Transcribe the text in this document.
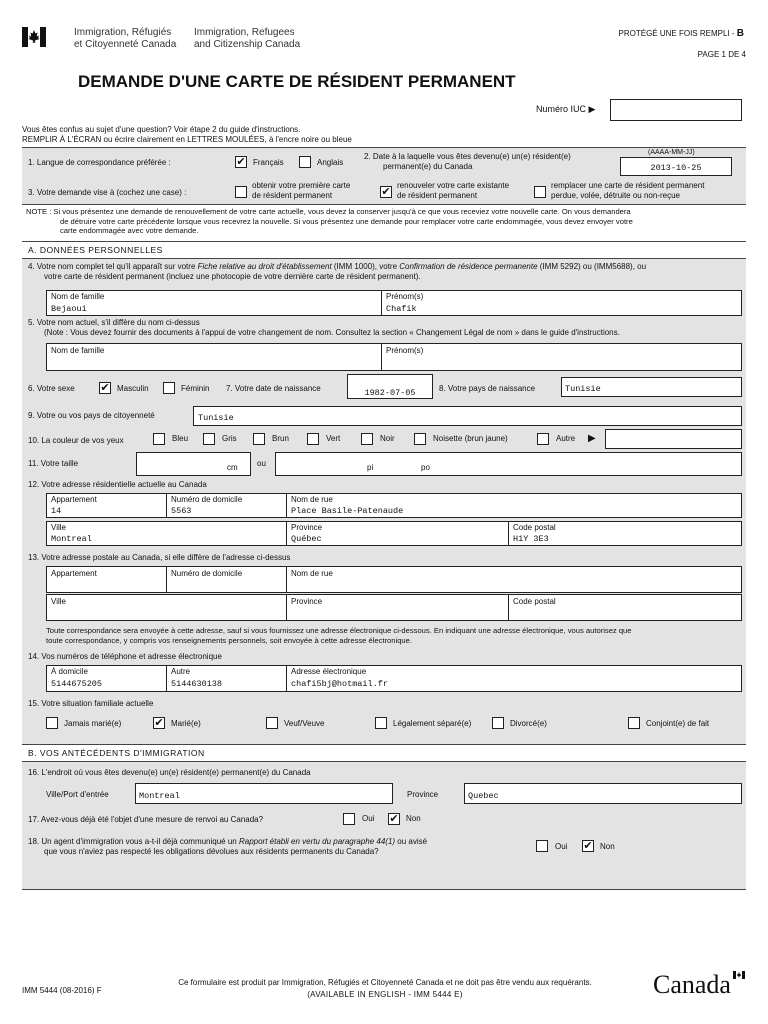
Immigration, Réfugiés
et Citoyenneté Canada
Immigration, Refugees
and Citizenship Canada
PROTÉGÉ UNE FOIS REMPLI - B
PAGE 1 DE 4
DEMANDE D'UNE CARTE DE RÉSIDENT PERMANENT
Numéro IUC ▶
Vous êtes confus au sujet d'une question? Voir étape 2 du guide d'instructions.
REMPLIR À L'ÉCRAN ou écrire clairement en LETTRES MOULÉES, à l'encre noire ou bleue
1. Langue de correspondance préférée :	✔ Français	Anglais
2. Date à la laquelle vous êtes devenu(e) un(e) résident(e)
permanent(e) du Canada
(AAAA-MM-JJ)
2013-10-25
3. Votre demande vise à (cochez une case) :
obtenir votre première carte
de résident permanent	✔ renouveler votre carte existante
de résident permanent
remplacer une carte de résident permanent
perdue, volée, détruite ou non-reçue
NOTE : Si vous présentez une demande de renouvellement de votre carte actuelle, vous devez la conserver jusqu'à ce que vous receviez votre nouvelle carte. On vous demandera
de détruire votre carte précédente lorsque vous recevrez la nouvelle. Si vous présentez une demande pour remplacer votre carte endommagée, vous devez envoyer votre
carte endommagée avec votre demande.
A. DONNÉES PERSONNELLES
4. Votre nom complet tel qu'il apparaît sur votre Fiche relative au droit d'établissement (IMM 1000), votre Confirmation de résidence permanente (IMM 5292) ou (IMM5688), ou
votre carte de résident permanent (incluez une photocopie de votre dernière carte de résident permanent).
Nom de famille
Bejaoui
Prénom(s)
Chafik
5. Votre nom actuel, s'il diffère du nom ci-dessus
(Note : Vous devez fournir des documents à l'appui de votre changement de nom. Consultez la section « Changement Légal de nom » dans le guide d'instructions.
Nom de famille	Prénom(s)
6. Votre sexe ✔ Masculin	Féminin 7. Votre date de naissance	1982-07-05	8. Votre pays de naissance	Tunisie
9. Votre ou vos pays de citoyenneté	Tunisie
10. La couleur de vos yeux	Bleu	Gris	Brun	Vert	Noir	Noisette (brun jaune)	Autre ▶
11. Votre taille	cm ou	pi	po
12. Votre adresse résidentielle actuelle au Canada
Appartement
14
Numéro de domicile
5563
Nom de rue
Place Basile-Patenaude
Ville
Montreal
Province
Québec
Code postal
H1Y 3E3
13. Votre adresse postale au Canada, si elle diffère de l'adresse ci-dessus
Appartement	Numéro de domicile	Nom de rue
Ville	Province	Code postal
Toute correspondance sera envoyée à cette adresse, sauf si vous fournissez une adresse électronique ci-dessous. En indiquant une adresse électronique, vous autorisez que
toute correspondance, y compris vos renseignements personnels, soit envoyée à cette adresse électronique.
14. Vos numéros de téléphone et adresse électronique
À domicile
5144675205
Autre
5144630138
Adresse électronique
chafi5bj@hotmail.fr
15. Votre situation familiale actuelle
Jamais marié(e)	✔ Marié(e)	Veuf/Veuve	Légalement séparé(e)	Divorcé(e)	Conjoint(e) de fait
B. VOS ANTÉCÉDENTS D'IMMIGRATION
16. L'endroit où vous êtes devenu(e) un(e) résident(e) permanent(e) du Canada
Ville/Port d'entrée	Montreal	Province	Quebec
17. Avez-vous déjà été l'objet d'une mesure de renvoi au Canada?	Oui ✔ Non
18. Un agent d'immigration vous a-t-il déjà communiqué un Rapport établi en vertu du paragraphe 44(1) ou avisé
que vous n'aviez pas respecté les obligations dévolues aux résidents permanents du Canada?
Oui ✔ Non
IMM 5444 (08-2016) F
Ce formulaire est produit par Immigration, Réfugiés et Citoyenneté Canada et ne doit pas être vendu aux requérants.
(AVAILABLE IN ENGLISH - IMM 5444 E)	Canada
